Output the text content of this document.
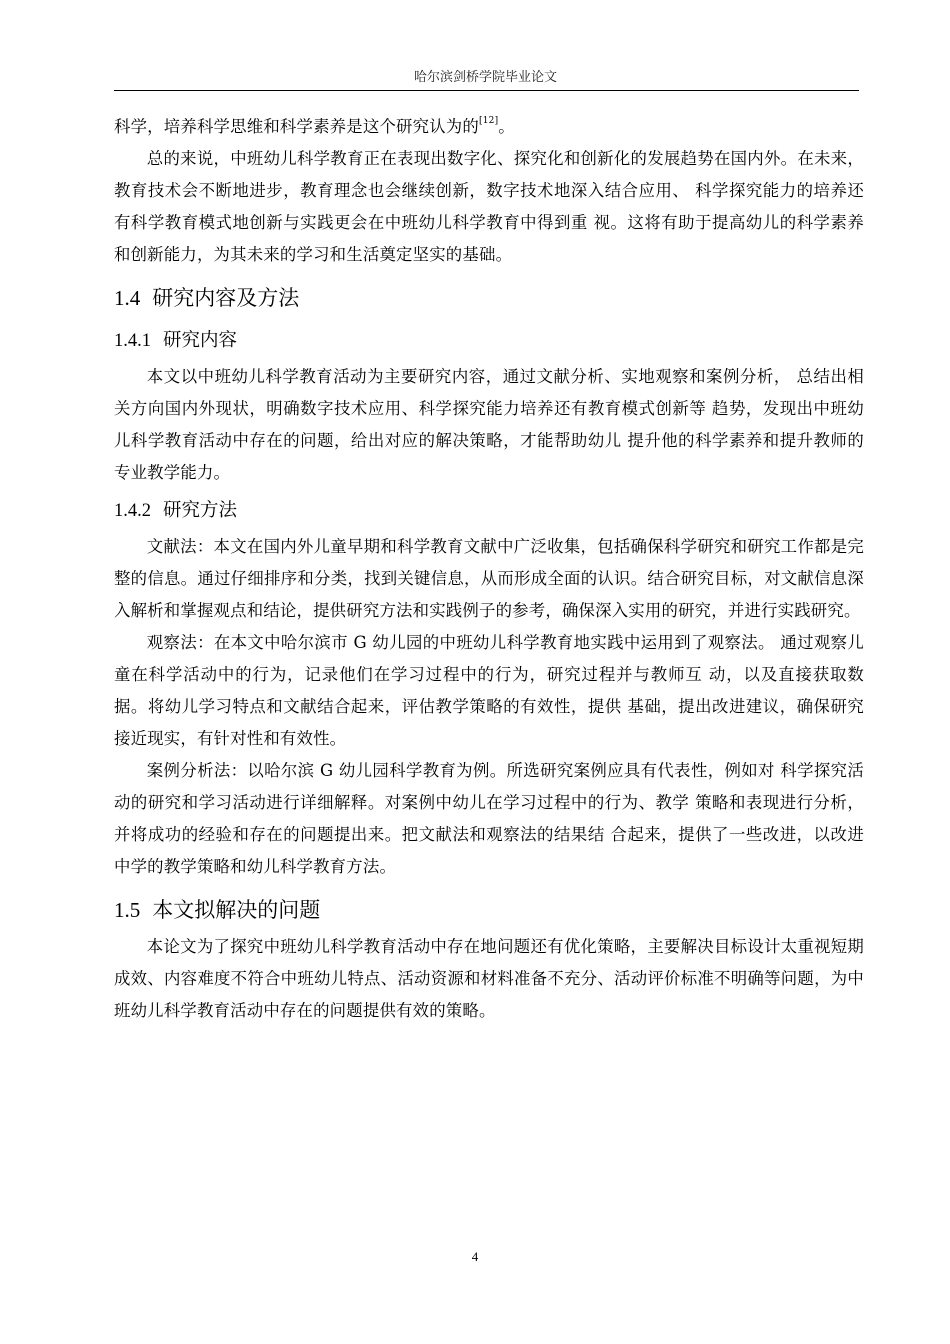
哈尔滨剑桥学院毕业论文

科学，培养科学思维和科学素养是这个研究认为的[12]。

总的来说，中班幼儿科学教育正在表现出数字化、探究化和创新化的发展趋势在国内外。在未来，教育技术会不断地进步，教育理念也会继续创新，数字技术地深入结合应用、 科学探究能力的培养还有科学教育模式地创新与实践更会在中班幼儿科学教育中得到重 视。这将有助于提高幼儿的科学素养和创新能力，为其未来的学习和生活奠定坚实的基础。

1.4 研究内容及方法
1.4.1 研究内容

本文以中班幼儿科学教育活动为主要研究内容，通过文献分析、实地观察和案例分析， 总结出相关方向国内外现状，明确数字技术应用、科学探究能力培养还有教育模式创新等 趋势，发现出中班幼儿科学教育活动中存在的问题，给出对应的解决策略，才能帮助幼儿 提升他的科学素养和提升教师的专业教学能力。

1.4.2 研究方法

文献法：本文在国内外儿童早期和科学教育文献中广泛收集，包括确保科学研究和研究工作都是完整的信息。通过仔细排序和分类，找到关键信息，从而形成全面的认识。结合研究目标，对文献信息深入解析和掌握观点和结论，提供研究方法和实践例子的参考，确保深入实用的研究，并进行实践研究。

观察法：在本文中哈尔滨市 G 幼儿园的中班幼儿科学教育地实践中运用到了观察法。 通过观察儿童在科学活动中的行为，记录他们在学习过程中的行为，研究过程并与教师互 动，以及直接获取数据。将幼儿学习特点和文献结合起来，评估教学策略的有效性，提供 基础，提出改进建议，确保研究接近现实，有针对性和有效性。

案例分析法：以哈尔滨 G 幼儿园科学教育为例。所选研究案例应具有代表性，例如对 科学探究活动的研究和学习活动进行详细解释。对案例中幼儿在学习过程中的行为、教学 策略和表现进行分析，并将成功的经验和存在的问题提出来。把文献法和观察法的结果结 合起来，提供了一些改进，以改进中学的教学策略和幼儿科学教育方法。

1.5 本文拟解决的问题

本论文为了探究中班幼儿科学教育活动中存在地问题还有优化策略，主要解决目标设计太重视短期成效、内容难度不符合中班幼儿特点、活动资源和材料准备不充分、活动评价标准不明确等问题，为中班幼儿科学教育活动中存在的问题提供有效的策略。

4
